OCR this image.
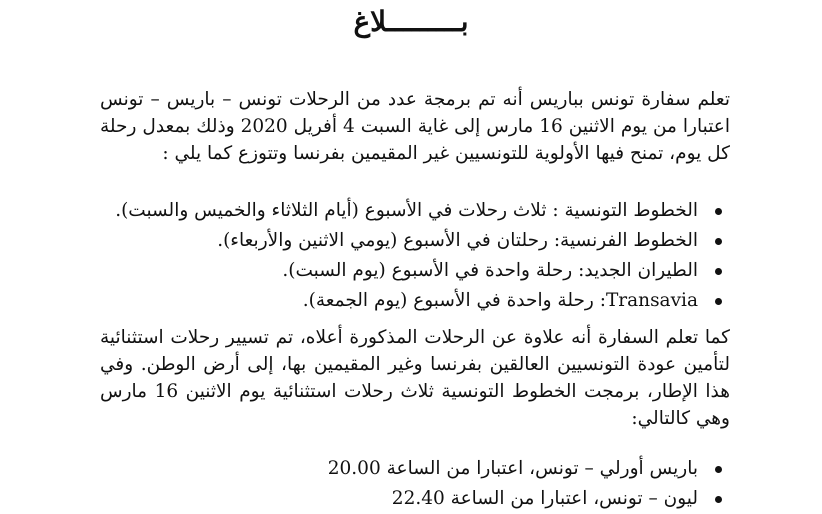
بـــــــــلاغ
تعلم سفارة تونس بباريس أنه تم برمجة عدد من الرحلات تونس – باريس – تونس اعتبارا من يوم الاثنين 16 مارس إلى غاية السبت 4 أفريل 2020 وذلك بمعدل رحلة كل يوم، تمنح فيها الأولوية للتونسيين غير المقيمين بفرنسا وتتوزع كما يلي :
الخطوط التونسية : ثلاث رحلات في الأسبوع (أيام الثلاثاء والخميس والسبت).
الخطوط الفرنسية: رحلتان في الأسبوع (يومي الاثنين والأربعاء).
الطيران الجديد: رحلة واحدة في الأسبوع (يوم السبت).
Transavia: رحلة واحدة في الأسبوع (يوم الجمعة).
كما تعلم السفارة أنه علاوة عن الرحلات المذكورة أعلاه، تم تسيير رحلات استثنائية لتأمين عودة التونسيين العالقين بفرنسا وغير المقيمين بها، إلى أرض الوطن. وفي هذا الإطار، برمجت الخطوط التونسية ثلاث رحلات استثنائية يوم الاثنين 16 مارس وهي كالتالي:
باريس أورلي – تونس، اعتبارا من الساعة 20.00
ليون – تونس، اعتبارا من الساعة 22.40
